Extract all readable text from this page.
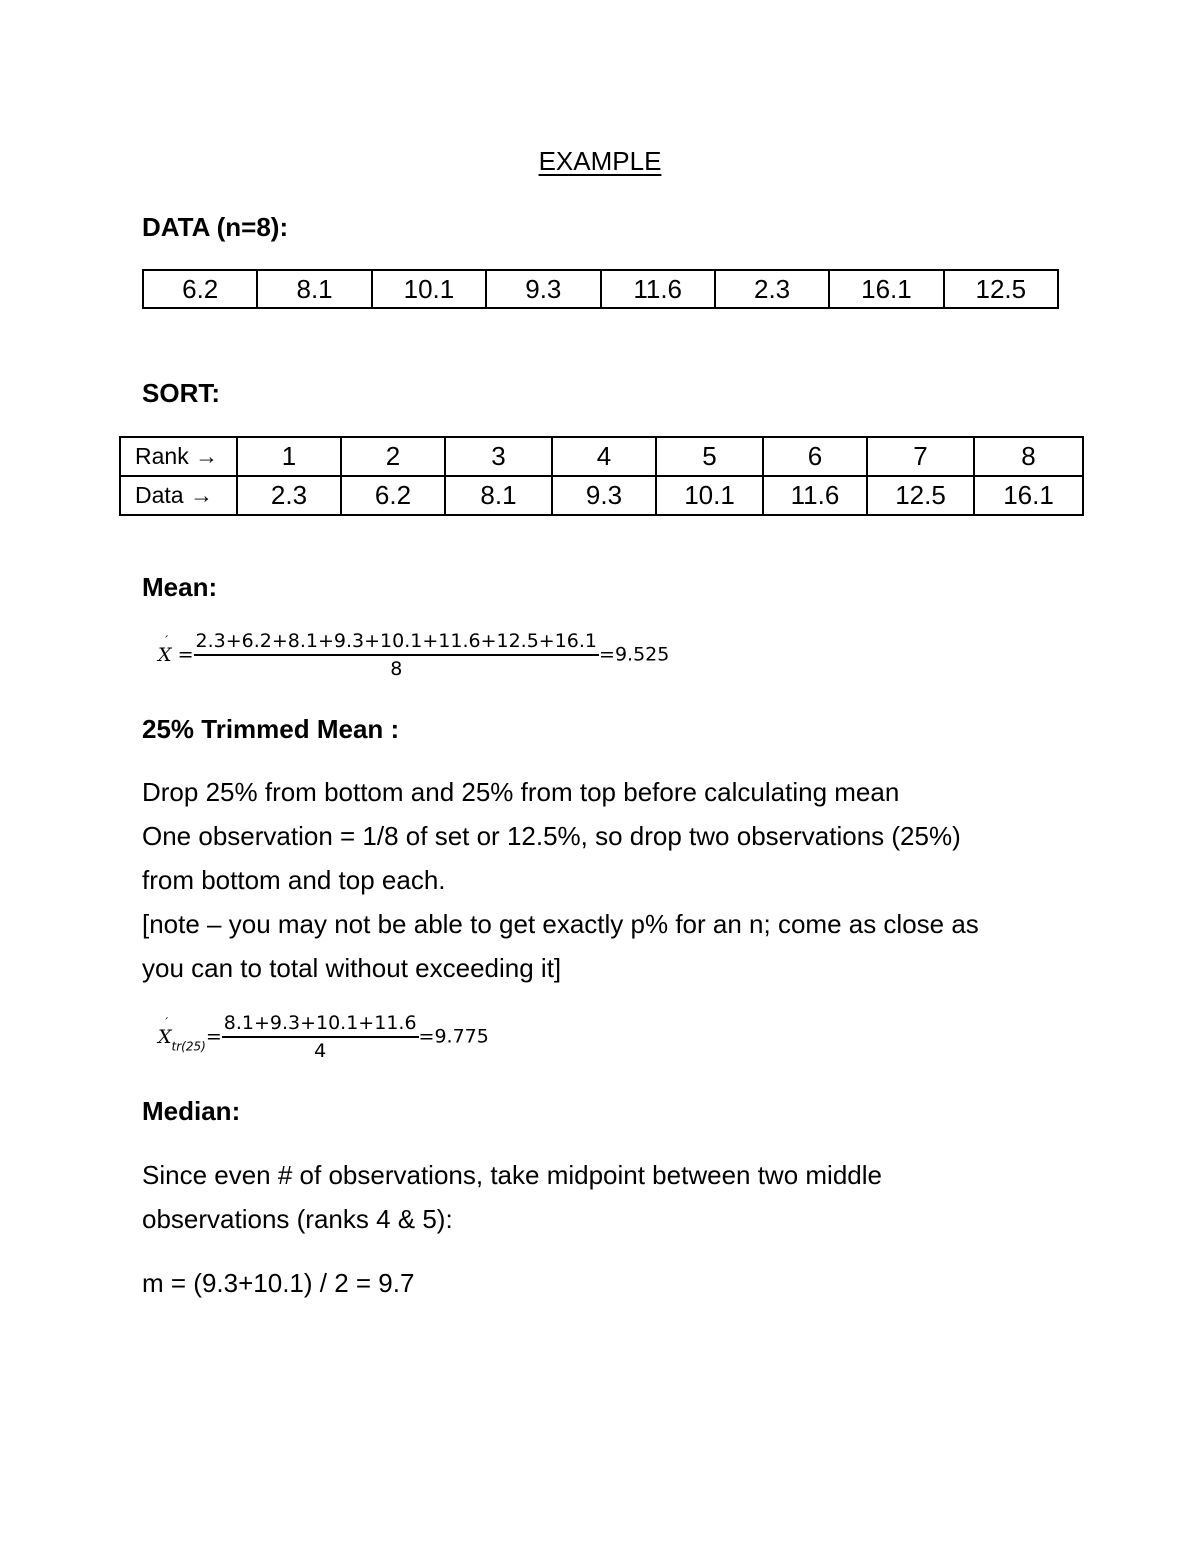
EXAMPLE
DATA (n=8):
6.2	8.1	10.1	9.3	11.6	2.3	16.1	12.5
SORT:
Rank →	1	2	3	4	5	6	7	8
Data →	2.3	6.2	8.1	9.3	10.1	11.6	12.5	16.1
Mean:
´
$X = \frac{2.3+6.2+8.1+9.3+10.1+11.6+12.5+16.1}{8} =9.525$
25% Trimmed Mean :
Drop 25% from bottom and 25% from top before calculating mean
One observation = 1/8 of set or 12.5%, so drop two observations (25%)
from bottom and top each.
[note – you may not be able to get exactly p% for an n; come as close as
you can to total without exceeding it]
´
$X_{tr(25)}= \frac{8.1+9.3+10.1+11.6}{4} =9.775$
Median:
Since even # of observations, take midpoint between two middle
observations (ranks 4 & 5):
m = (9.3+10.1) / 2 = 9.7
